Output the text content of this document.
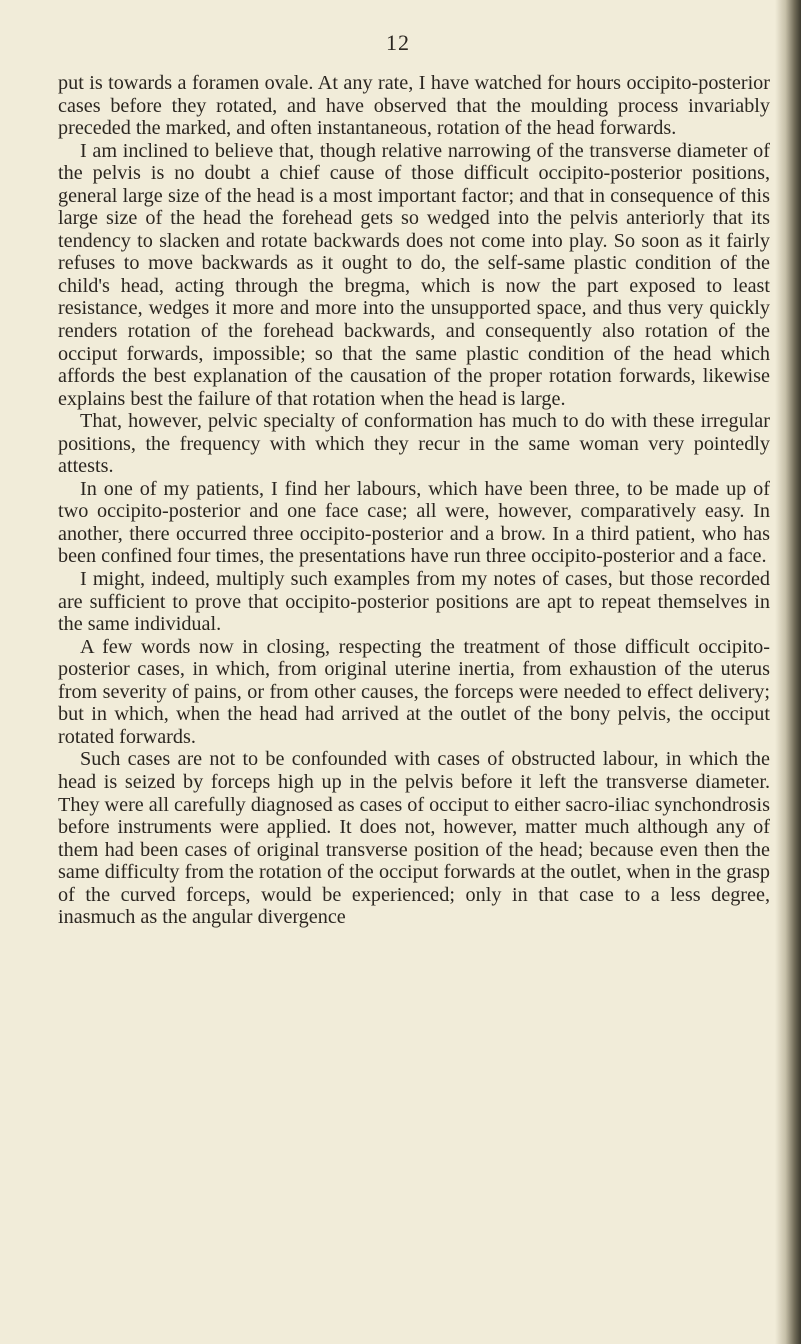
12

put is towards a foramen ovale. At any rate, I have watched for hours occipito-posterior cases before they rotated, and have observed that the moulding process invariably preceded the marked, and often instantaneous, rotation of the head forwards.

I am inclined to believe that, though relative narrowing of the transverse diameter of the pelvis is no doubt a chief cause of those difficult occipito-posterior positions, general large size of the head is a most important factor; and that in consequence of this large size of the head the forehead gets so wedged into the pelvis anteriorly that its tendency to slacken and rotate backwards does not come into play. So soon as it fairly refuses to move backwards as it ought to do, the self-same plastic condition of the child's head, acting through the bregma, which is now the part exposed to least resistance, wedges it more and more into the unsupported space, and thus very quickly renders rotation of the forehead backwards, and consequently also rotation of the occiput forwards, impossible; so that the same plastic condition of the head which affords the best explanation of the causation of the proper rotation forwards, likewise explains best the failure of that rotation when the head is large.

That, however, pelvic specialty of conformation has much to do with these irregular positions, the frequency with which they recur in the same woman very pointedly attests.

In one of my patients, I find her labours, which have been three, to be made up of two occipito-posterior and one face case; all were, however, comparatively easy. In another, there occurred three occipito-posterior and a brow. In a third patient, who has been confined four times, the presentations have run three occipito-posterior and a face.

I might, indeed, multiply such examples from my notes of cases, but those recorded are sufficient to prove that occipito-posterior positions are apt to repeat themselves in the same individual.

A few words now in closing, respecting the treatment of those difficult occipito-posterior cases, in which, from original uterine inertia, from exhaustion of the uterus from severity of pains, or from other causes, the forceps were needed to effect delivery; but in which, when the head had arrived at the outlet of the bony pelvis, the occiput rotated forwards.

Such cases are not to be confounded with cases of obstructed labour, in which the head is seized by forceps high up in the pelvis before it left the transverse diameter. They were all carefully diagnosed as cases of occiput to either sacro-iliac synchondrosis before instruments were applied. It does not, however, matter much although any of them had been cases of original transverse position of the head; because even then the same difficulty from the rotation of the occiput forwards at the outlet, when in the grasp of the curved forceps, would be experienced; only in that case to a less degree, inasmuch as the angular divergence
